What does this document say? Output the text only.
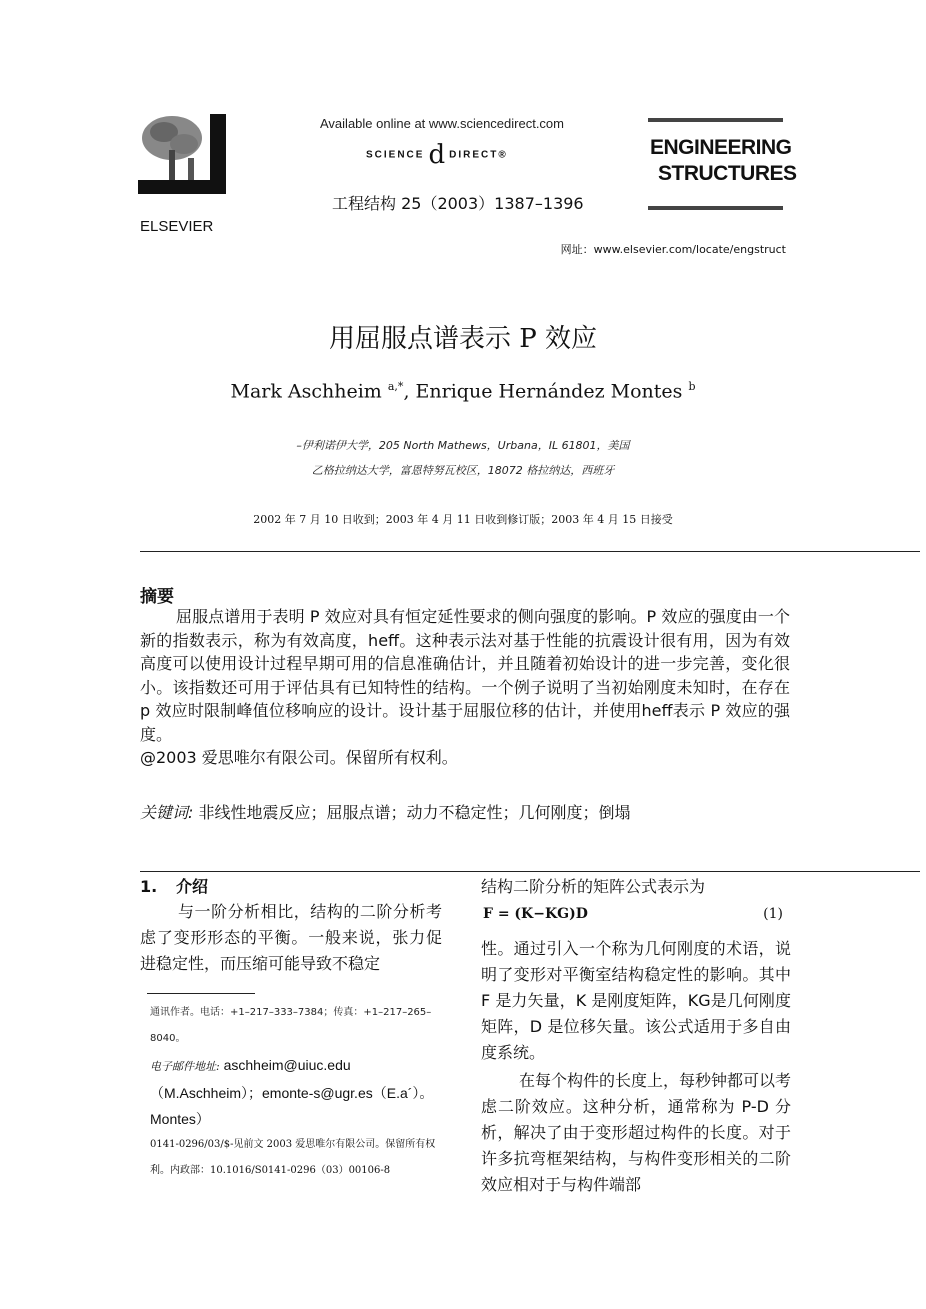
ELSEVIER
Available online at www.sciencedirect.com
SCIENCE d DIRECT®
工程结构 25（2003）1387–1396
ENGINEERING
STRUCTURES
网址：www.elsevier.com/locate/engstruct
用屈服点谱表示 P 效应
Mark Aschheim $^{a,*}$, Enrique Hernández Montes $^b$
–伊利诺伊大学，205 North Mathews，Urbana，IL 61801，美国
乙格拉纳达大学，富恩特努瓦校区，18072 格拉纳达，西班牙
2002 年 7 月 10 日收到；2003 年 4 月 11 日收到修订版；2003 年 4 月 15 日接受
摘要

屈服点谱用于表明 P 效应对具有恒定延性要求的侧向强度的影响。P 效应的强度由一个新的指数表示，称为有效高度，heff。这种表示法对基于性能的抗震设计很有用，因为有效高度可以使用设计过程早期可用的信息准确估计，并且随着初始设计的进一步完善，变化很小。该指数还可用于评估具有已知特性的结构。一个例子说明了当初始刚度未知时，在存在 p 效应时限制峰值位移响应的设计。设计基于屈服位移的估计，并使用heff表示 P 效应的强度。

@2003 爱思唯尔有限公司。保留所有权利。

关键词: 非线性地震反应；屈服点谱；动力不稳定性；几何刚度；倒塌
1. 介绍

与一阶分析相比，结构的二阶分析考虑了变形形态的平衡。一般来说，张力促进稳定性，而压缩可能导致不稳定

通讯作者。电话：+1–217–333–7384；传真：+1–217–265–8040。
电子邮件地址: aschheim@uiuc.edu（M.Aschheim）；emonte-s@ugr.es（E.a´）。Montes）
0141-0296/03/$-见前文 2003 爱思唯尔有限公司。保留所有权利。内政部：10.1016/S0141-0296（03）00106-8

结构二阶分析的矩阵公式表示为

F = (K−KG)D	(1)

性。通过引入一个称为几何刚度的术语，说明了变形对平衡室结构稳定性的影响。其中 F 是力矢量，K 是刚度矩阵，KG是几何刚度矩阵，D 是位移矢量。该公式适用于多自由度系统。

在每个构件的长度上，每秒钟都可以考虑二阶效应。这种分析，通常称为 P-D 分析，解决了由于变形超过构件的长度。对于许多抗弯框架结构，与构件变形相关的二阶效应相对于与构件端部
